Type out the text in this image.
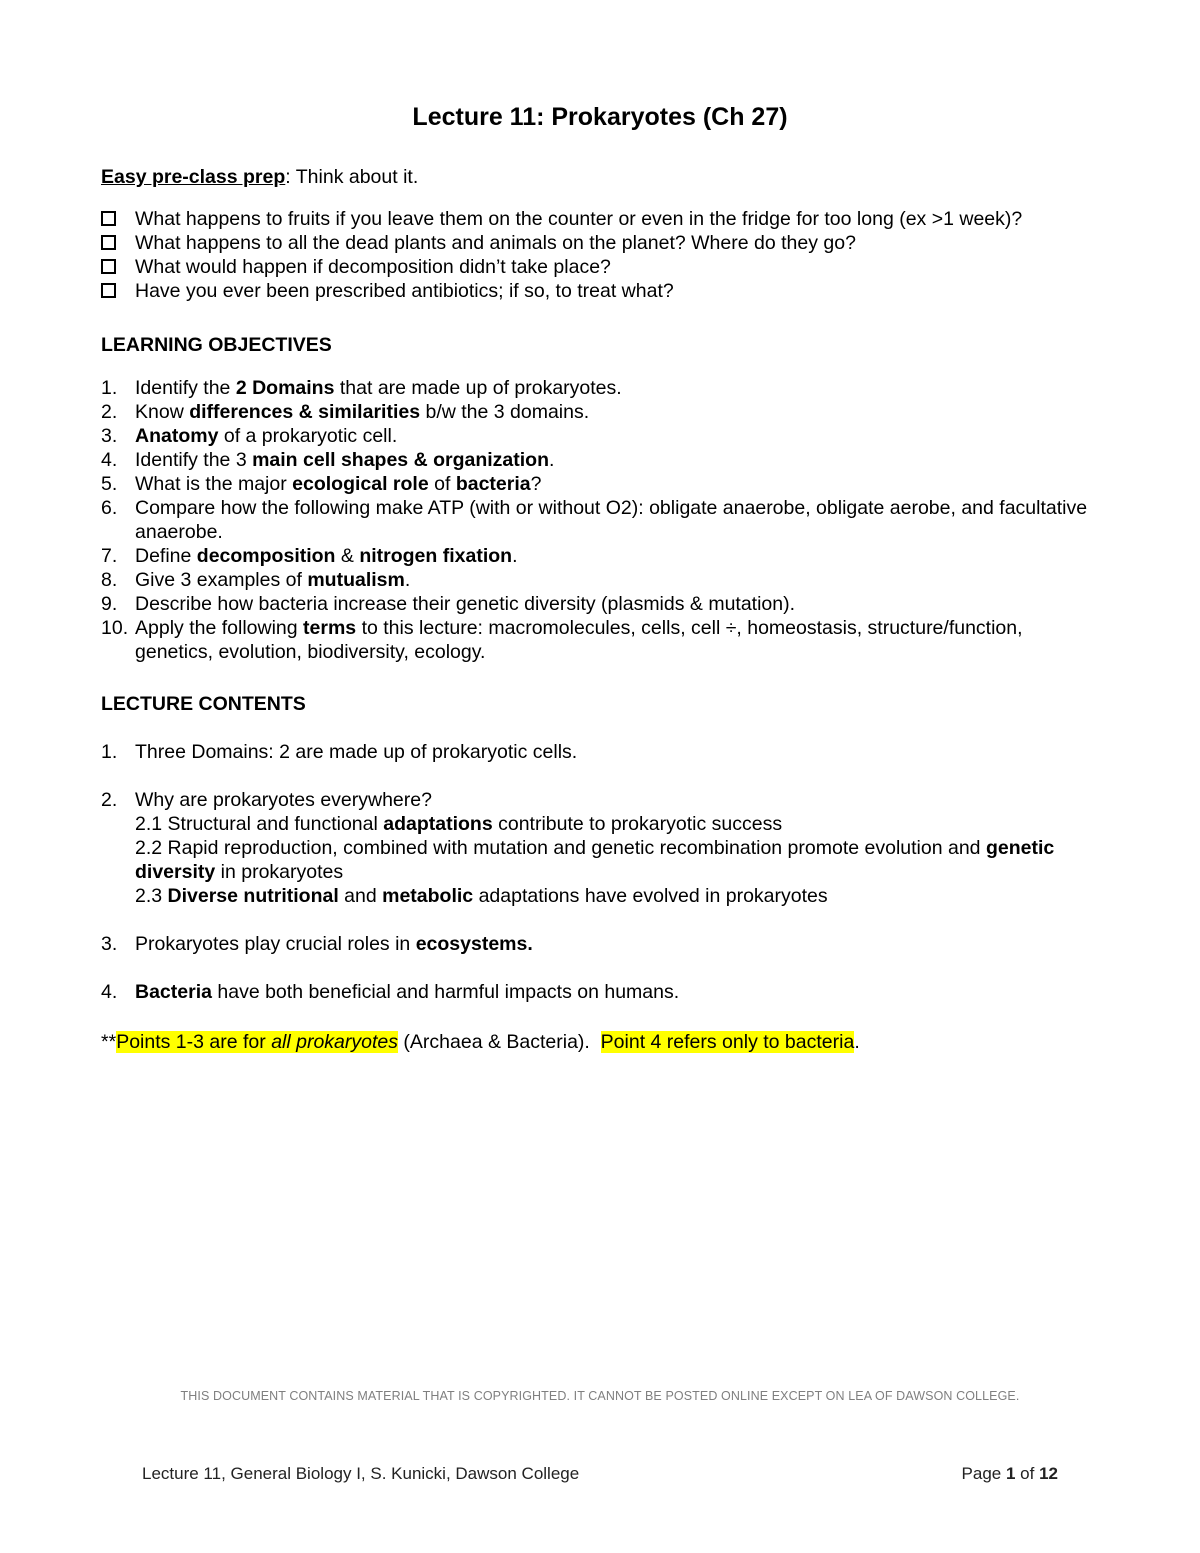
Lecture 11: Prokaryotes (Ch 27)
Easy pre-class prep: Think about it.
What happens to fruits if you leave them on the counter or even in the fridge for too long (ex >1 week)?
What happens to all the dead plants and animals on the planet? Where do they go?
What would happen if decomposition didn’t take place?
Have you ever been prescribed antibiotics; if so, to treat what?
LEARNING OBJECTIVES
1. Identify the 2 Domains that are made up of prokaryotes.
2. Know differences & similarities b/w the 3 domains.
3. Anatomy of a prokaryotic cell.
4. Identify the 3 main cell shapes & organization.
5. What is the major ecological role of bacteria?
6. Compare how the following make ATP (with or without O2): obligate anaerobe, obligate aerobe, and facultative anaerobe.
7. Define decomposition & nitrogen fixation.
8. Give 3 examples of mutualism.
9. Describe how bacteria increase their genetic diversity (plasmids & mutation).
10. Apply the following terms to this lecture: macromolecules, cells, cell ÷, homeostasis, structure/function, genetics, evolution, biodiversity, ecology.
LECTURE CONTENTS
1. Three Domains: 2 are made up of prokaryotic cells.
2. Why are prokaryotes everywhere?
2.1 Structural and functional adaptations contribute to prokaryotic success
2.2 Rapid reproduction, combined with mutation and genetic recombination promote evolution and genetic diversity in prokaryotes
2.3 Diverse nutritional and metabolic adaptations have evolved in prokaryotes
3. Prokaryotes play crucial roles in ecosystems.
4. Bacteria have both beneficial and harmful impacts on humans.
**Points 1-3 are for all prokaryotes (Archaea & Bacteria).  Point 4 refers only to bacteria.
THIS DOCUMENT CONTAINS MATERIAL THAT IS COPYRIGHTED. IT CANNOT BE POSTED ONLINE EXCEPT ON LEA OF DAWSON COLLEGE.
Lecture 11, General Biology I, S. Kunicki, Dawson College	Page 1 of 12
